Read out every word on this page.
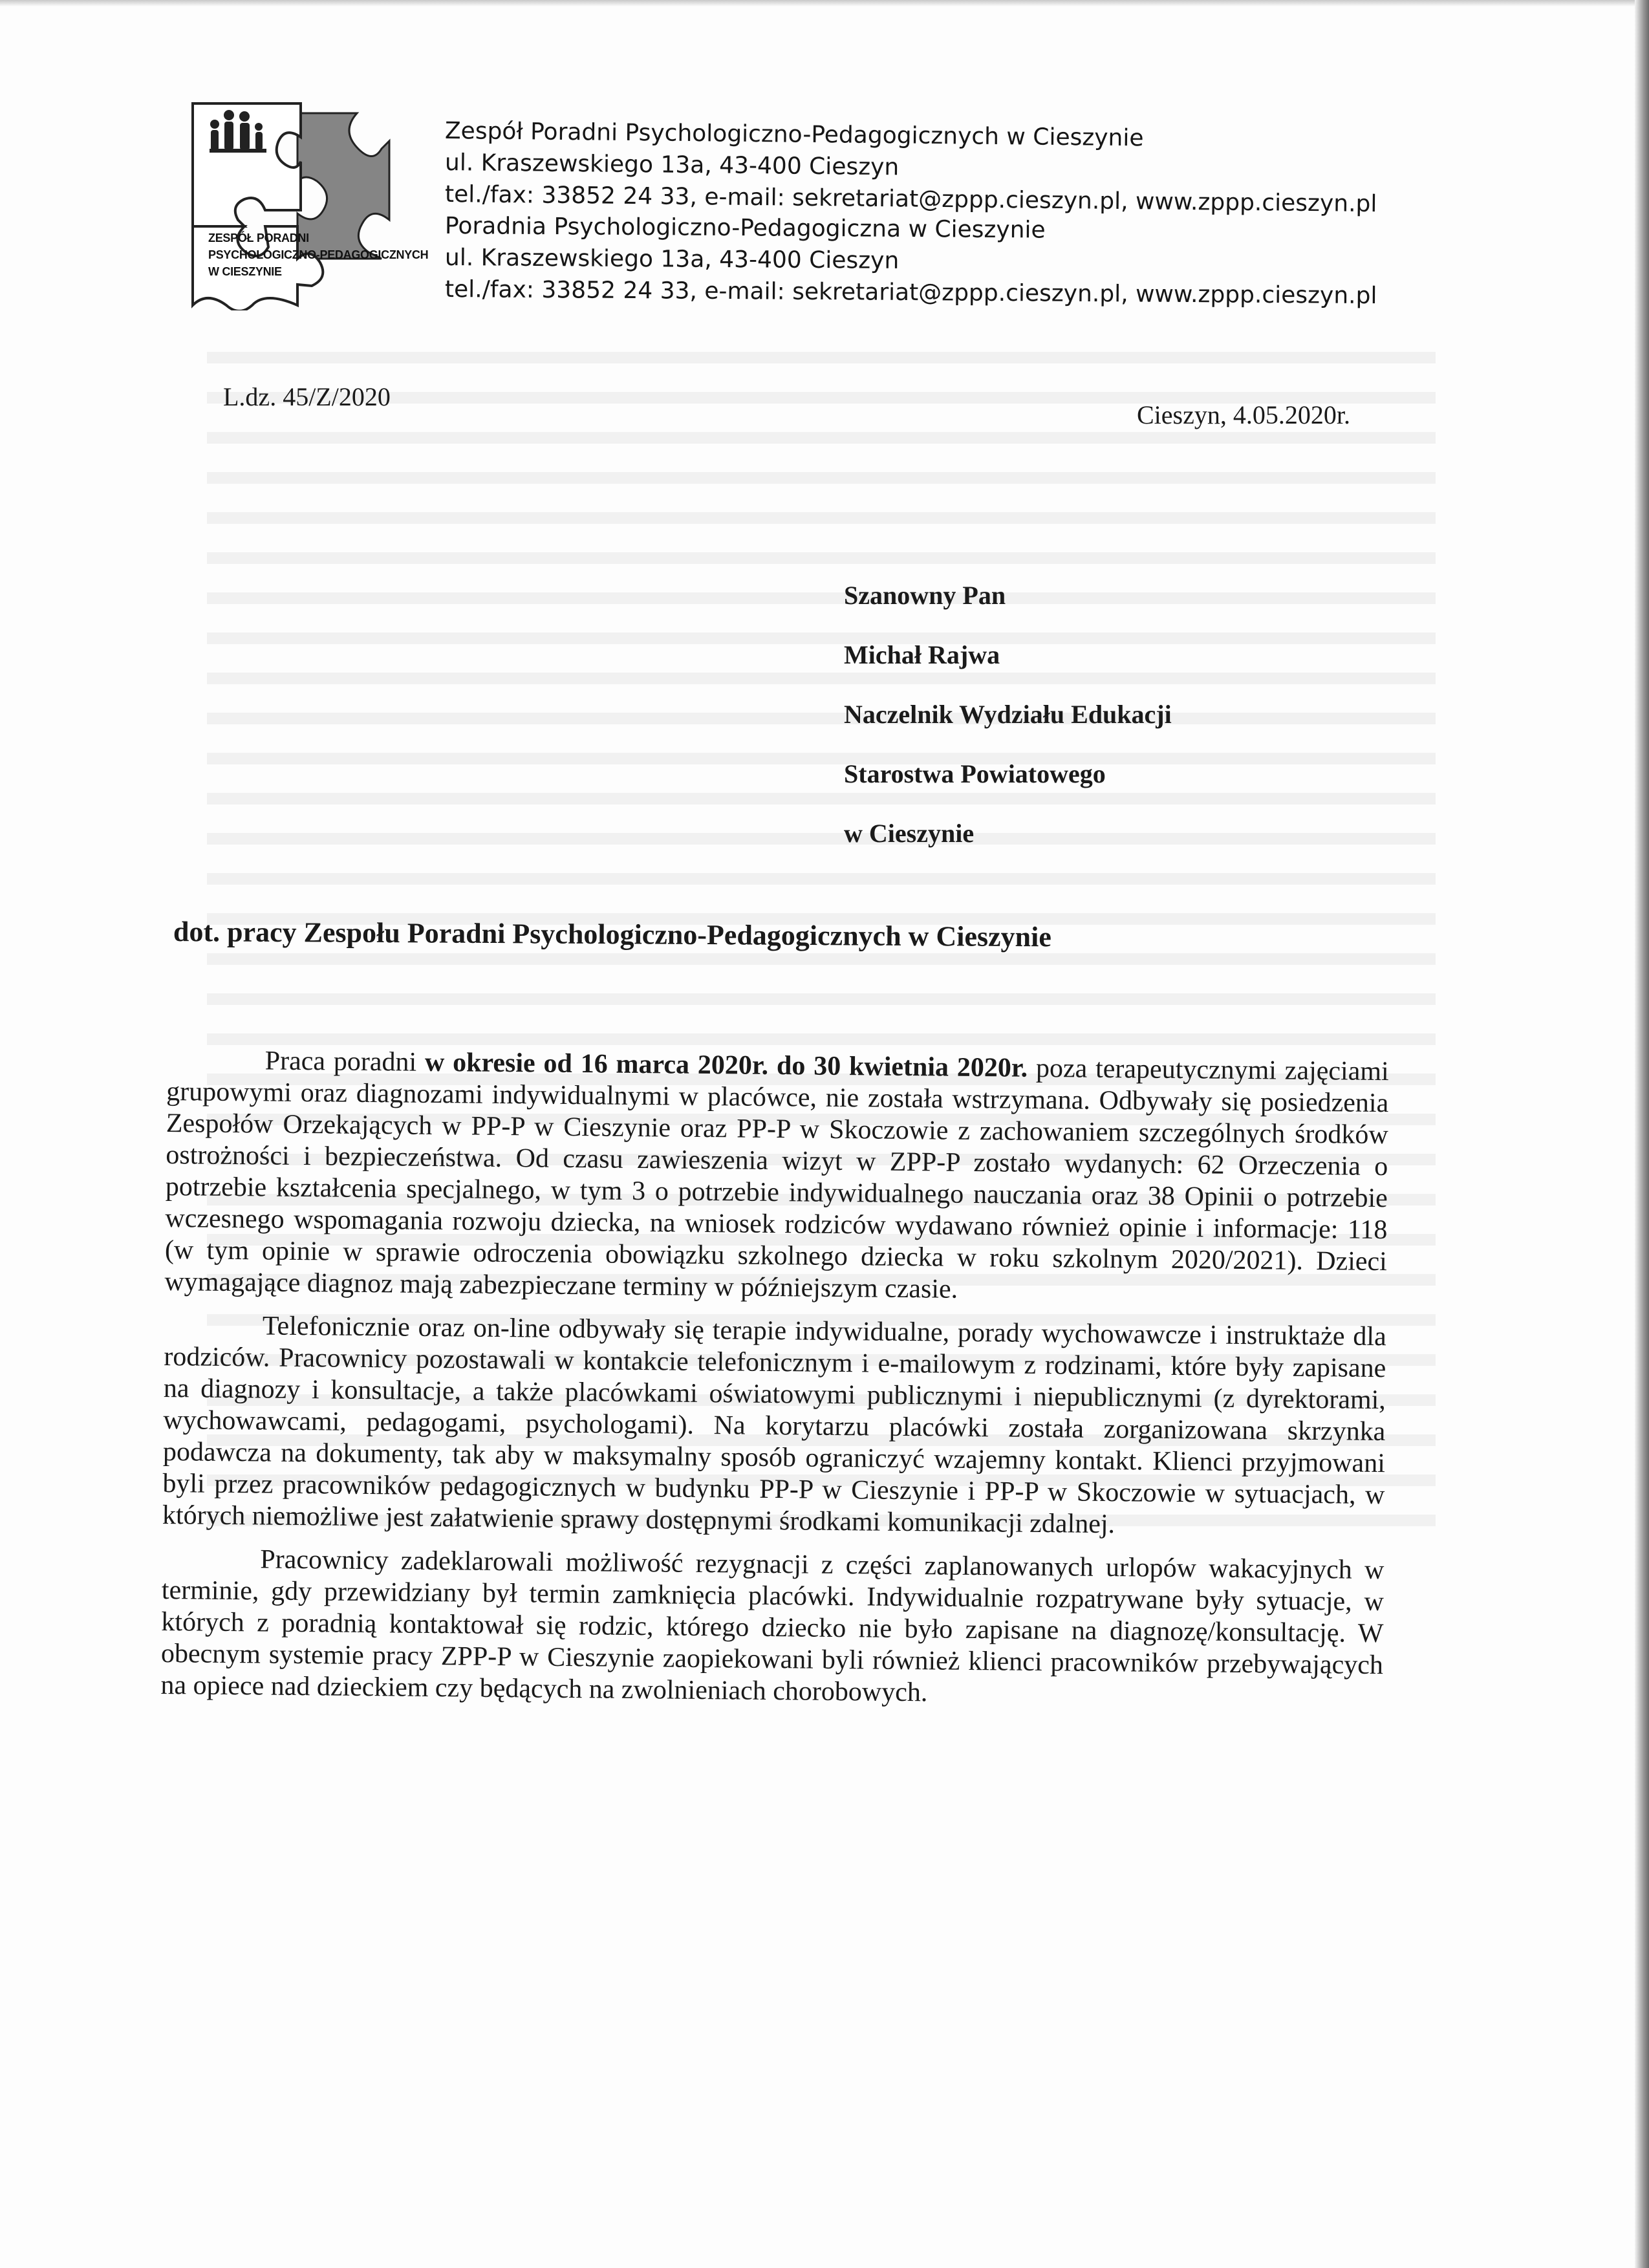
ZESPÓŁ PORADNI
PSYCHOLOGICZNO-PEDAGOGICZNYCH
W CIESZYNIE
Zespół Poradni Psychologiczno-Pedagogicznych w Cieszynie
ul. Kraszewskiego 13a, 43-400 Cieszyn
tel./fax: 33852 24 33, e-mail: sekretariat@zppp.cieszyn.pl, www.zppp.cieszyn.pl
Poradnia Psychologiczno-Pedagogiczna w Cieszynie
ul. Kraszewskiego 13a, 43-400 Cieszyn
tel./fax: 33852 24 33, e-mail: sekretariat@zppp.cieszyn.pl, www.zppp.cieszyn.pl
L.dz. 45/Z/2020
Cieszyn, 4.05.2020r.
Szanowny Pan
Michał Rajwa
Naczelnik Wydziału Edukacji
Starostwa Powiatowego
w Cieszynie
dot. pracy Zespołu Poradni Psychologiczno-Pedagogicznych w Cieszynie

Praca poradni w okresie od 16 marca 2020r. do 30 kwietnia 2020r. poza terapeutycznymi zajęciami grupowymi oraz diagnozami indywidualnymi w placówce, nie została wstrzymana. Odbywały się posiedzenia Zespołów Orzekających w PP-P w Cieszynie oraz PP-P w Skoczowie z zachowaniem szczególnych środków ostrożności i bezpieczeństwa. Od czasu zawieszenia wizyt w ZPP-P zostało wydanych: 62 Orzeczenia o potrzebie kształcenia specjalnego, w tym 3 o potrzebie indywidualnego nauczania oraz 38 Opinii o potrzebie wczesnego wspomagania rozwoju dziecka, na wniosek rodziców wydawano również opinie i informacje: 118 (w tym opinie w sprawie odroczenia obowiązku szkolnego dziecka w roku szkolnym 2020/2021). Dzieci wymagające diagnoz mają zabezpieczane terminy w późniejszym czasie.

Telefonicznie oraz on-line odbywały się terapie indywidualne, porady wychowawcze i instruktaże dla rodziców. Pracownicy pozostawali w kontakcie telefonicznym i e-mailowym z rodzinami, które były zapisane na diagnozy i konsultacje, a także placówkami oświatowymi publicznymi i niepublicznymi (z dyrektorami, wychowawcami, pedagogami, psychologami). Na korytarzu placówki została zorganizowana skrzynka podawcza na dokumenty, tak aby w maksymalny sposób ograniczyć wzajemny kontakt. Klienci przyjmowani byli przez pracowników pedagogicznych w budynku PP-P w Cieszynie i PP-P w Skoczowie w sytuacjach, w których niemożliwe jest załatwienie sprawy dostępnymi środkami komunikacji zdalnej.

Pracownicy zadeklarowali możliwość rezygnacji z części zaplanowanych urlopów wakacyjnych w terminie, gdy przewidziany był termin zamknięcia placówki. Indywidualnie rozpatrywane były sytuacje, w których z poradnią kontaktował się rodzic, którego dziecko nie było zapisane na diagnozę/konsultację. W obecnym systemie pracy ZPP-P w Cieszynie zaopiekowani byli również klienci pracowników przebywających na opiece nad dzieckiem czy będących na zwolnieniach chorobowych.
